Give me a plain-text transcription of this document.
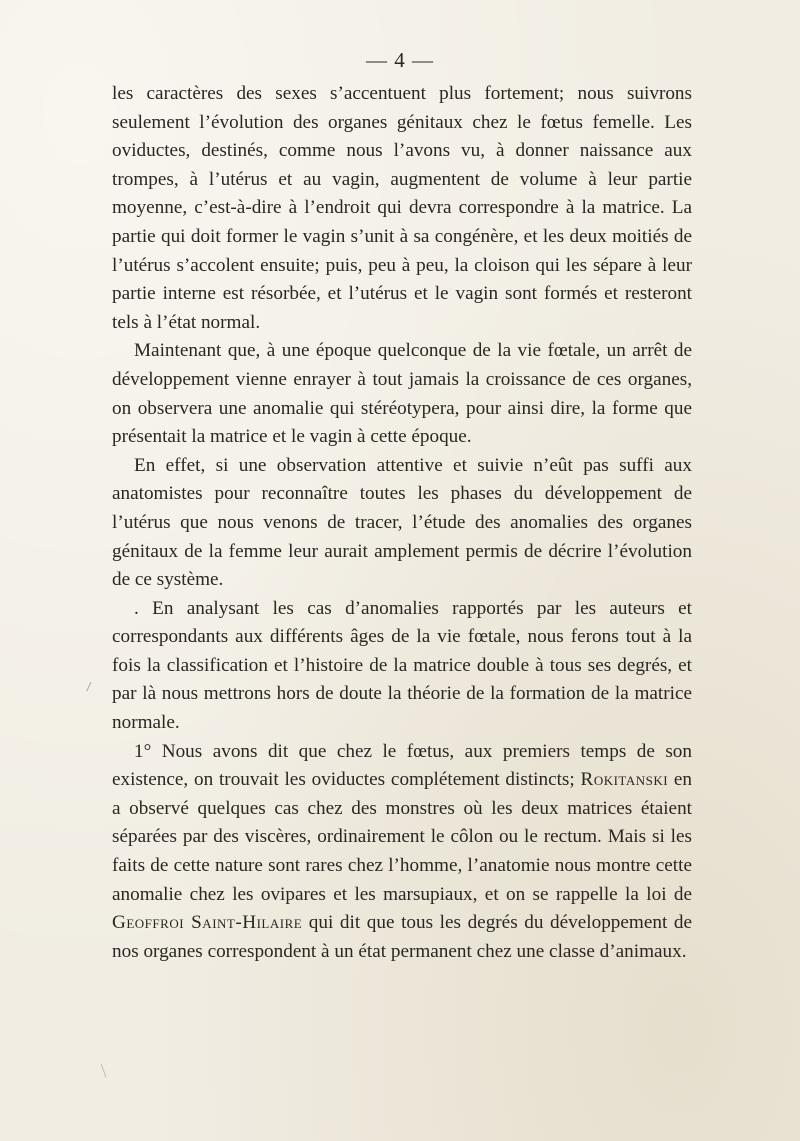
— 4 —

les caractères des sexes s’accentuent plus fortement; nous suivrons seulement l’évolution des organes génitaux chez le fœtus femelle. Les oviductes, destinés, comme nous l’avons vu, à donner naissance aux trompes, à l’utérus et au vagin, augmentent de volume à leur partie moyenne, c’est-à-dire à l’endroit qui devra correspondre à la matrice. La partie qui doit former le vagin s’unit à sa congénère, et les deux moitiés de l’utérus s’accolent ensuite; puis, peu à peu, la cloison qui les sépare à leur partie interne est résorbée, et l’utérus et le vagin sont formés et resteront tels à l’état normal.

Maintenant que, à une époque quelconque de la vie fœtale, un arrêt de développement vienne enrayer à tout jamais la croissance de ces organes, on observera une anomalie qui stéréotypera, pour ainsi dire, la forme que présentait la matrice et le vagin à cette époque.

En effet, si une observation attentive et suivie n’eût pas suffi aux anatomistes pour reconnaître toutes les phases du développement de l’utérus que nous venons de tracer, l’étude des anomalies des organes génitaux de la femme leur aurait amplement permis de décrire l’évolution de ce système.

. En analysant les cas d’anomalies rapportés par les auteurs et correspondants aux différents âges de la vie fœtale, nous ferons tout à la fois la classification et l’histoire de la matrice double à tous ses degrés, et par là nous mettrons hors de doute la théorie de la formation de la matrice normale.

1° Nous avons dit que chez le fœtus, aux premiers temps de son existence, on trouvait les oviductes complétement distincts; Rokitanski en a observé quelques cas chez des monstres où les deux matrices étaient séparées par des viscères, ordinairement le côlon ou le rectum. Mais si les faits de cette nature sont rares chez l’homme, l’anatomie nous montre cette anomalie chez les ovipares et les marsupiaux, et on se rappelle la loi de Geoffroi Saint-Hilaire qui dit que tous les degrés du développement de nos organes correspondent à un état permanent chez une classe d’animaux.
